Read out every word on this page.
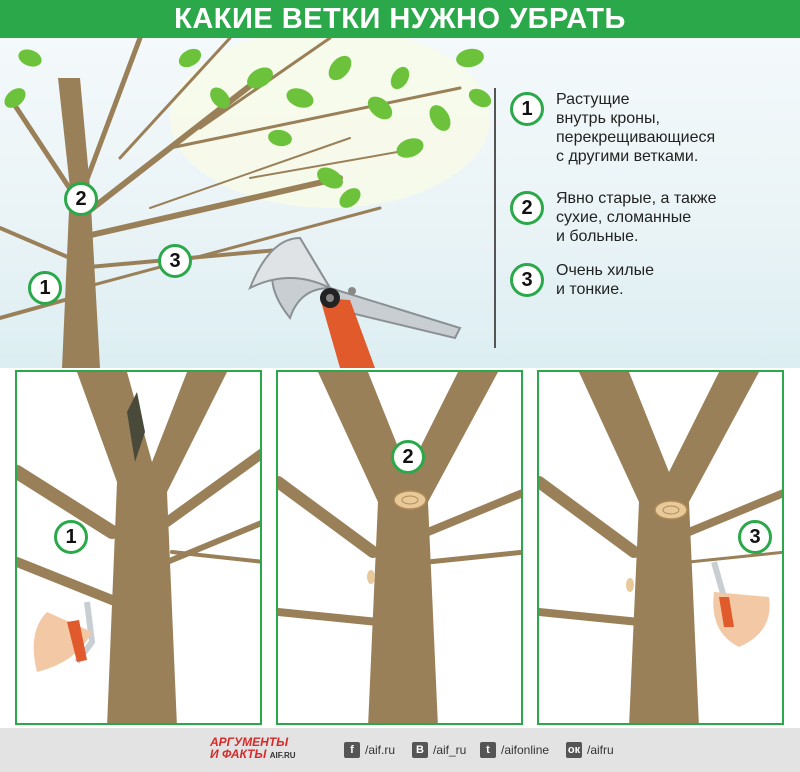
КАКИЕ ВЕТКИ НУЖНО УБРАТЬ
2
3
1
1	Растущие
внутрь кроны,
перекрещивающиеся
с другими ветками.
2	Явно старые, а также
сухие, сломанные
и больные.
3	Очень хилые
и тонкие.
1
2
3
АРГУМЕНТЫ
И ФАКТЫ AIF.RU	f /aif.ru	В /aif_ru	t /aifonline ок /aifru
